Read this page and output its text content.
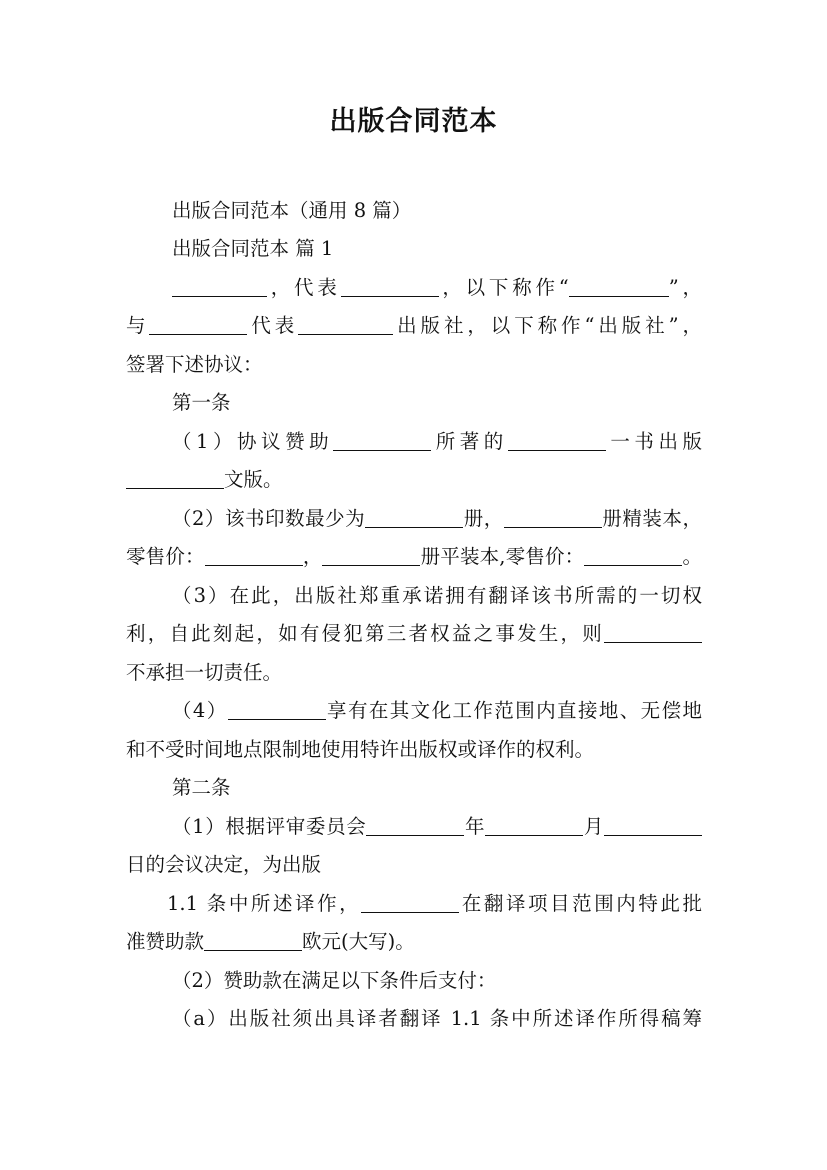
出版合同范本
出版合同范本（通用 8 篇）
出版合同范本 篇 1
，代表	，以下称作“	”，
与	代表	出版社，以下称作“出版社”，
签署下述协议：
第一条
（1）协议赞助	所著的	一书出版
文版。
（2）该书印数最少为	册，	册精装本，
零售价：	，	册平装本,零售价：	。
（3）在此，出版社郑重承诺拥有翻译该书所需的一切权
利，自此刻起，如有侵犯第三者权益之事发生，则
不承担一切责任。
（4）	享有在其文化工作范围内直接地、无偿地
和不受时间地点限制地使用特许出版权或译作的权利。
第二条
（1）根据评审委员会	年	月
日的会议决定，为出版
1.1 条中所述译作，	在翻译项目范围内特此批
准赞助款	欧元(大写)。
（2）赞助款在满足以下条件后支付：
（a）出版社须出具译者翻译 1.1 条中所述译作所得稿筹
